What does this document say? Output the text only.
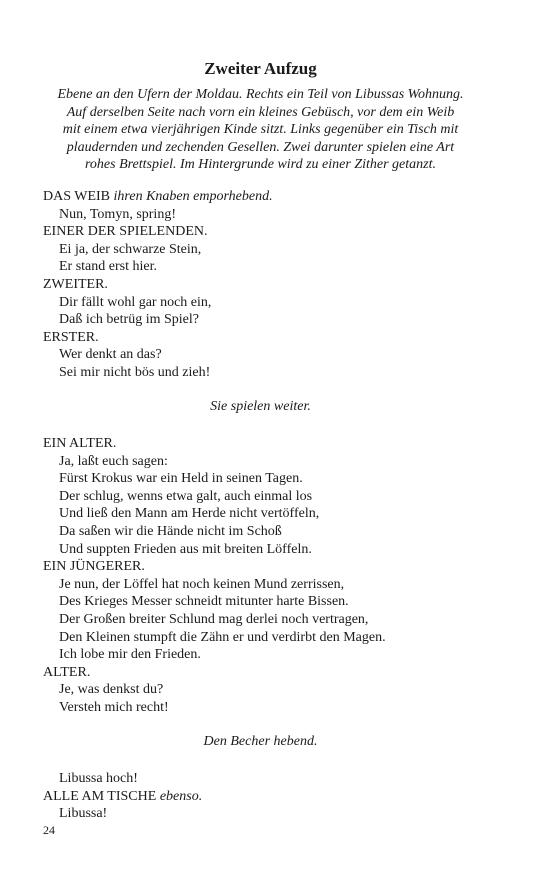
Zweiter Aufzug

Ebene an den Ufern der Moldau. Rechts ein Teil von Libussas Wohnung.

Auf derselben Seite nach vorn ein kleines Gebüsch, vor dem ein Weib

mit einem etwa vierjährigen Kinde sitzt. Links gegenüber ein Tisch mit

plaudernden und zechenden Gesellen. Zwei darunter spielen eine Art

rohes Brettspiel. Im Hintergrunde wird zu einer Zither getanzt.

DAS WEIB ihren Knaben emporhebend.

Nun, Tomyn, spring!

EINER DER SPIELENDEN.

Ei ja, der schwarze Stein,

Er stand erst hier.

ZWEITER.

Dir fällt wohl gar noch ein,

Daß ich betrüg im Spiel?

ERSTER.

Wer denkt an das?

Sei mir nicht bös und zieh!

Sie spielen weiter.

EIN ALTER.

Ja, laßt euch sagen:

Fürst Krokus war ein Held in seinen Tagen.

Der schlug, wenns etwa galt, auch einmal los

Und ließ den Mann am Herde nicht vertöffeln,

Da saßen wir die Hände nicht im Schoß

Und suppten Frieden aus mit breiten Löffeln.

EIN JÜNGERER.

Je nun, der Löffel hat noch keinen Mund zerrissen,

Des Krieges Messer schneidt mitunter harte Bissen.

Der Großen breiter Schlund mag derlei noch vertragen,

Den Kleinen stumpft die Zähn er und verdirbt den Magen.

Ich lobe mir den Frieden.

ALTER.

Je, was denkst du?

Versteh mich recht!

Den Becher hebend.

Libussa hoch!

ALLE AM TISCHE ebenso.

Libussa!

24
